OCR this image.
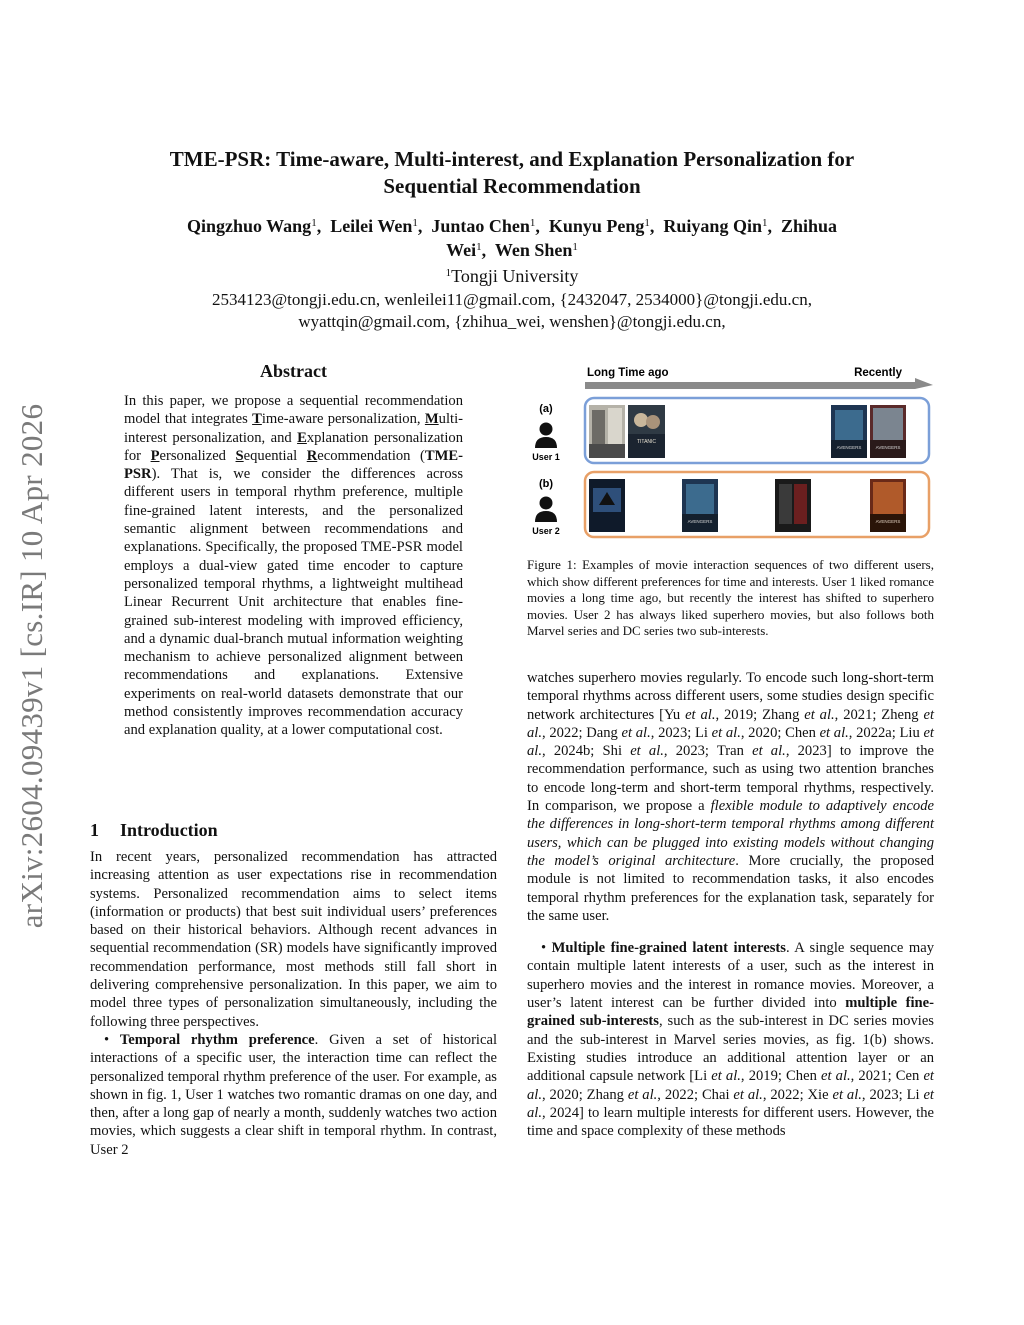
arXiv:2604.09439v1 [cs.IR] 10 Apr 2026
TME-PSR: Time-aware, Multi-interest, and Explanation Personalization for
Sequential Recommendation
Qingzhuo Wang$^1$, Leilei Wen$^1$, Juntao Chen$^1$, Kunyu Peng$^1$, Ruiyang Qin$^1$, Zhihua
Wei$^1$, Wen Shen$^1$
$^1$Tongji University
2534123@tongji.edu.cn, wenleilei11@gmail.com, {2432047, 2534000}@tongji.edu.cn,
wyattqin@gmail.com, {zhihua_wei, wenshen}@tongji.edu.cn,
Abstract
In this paper, we propose a sequential recommendation model that integrates Time-aware personalization, Multi-interest personalization, and Explanation personalization for Personalized Sequential Recommendation (TME-PSR). That is, we consider the differences across different users in temporal rhythm preference, multiple fine-grained latent interests, and the personalized semantic alignment between recommendations and explanations. Specifically, the proposed TME-PSR model employs a dual-view gated time encoder to capture personalized temporal rhythms, a lightweight multihead Linear Recurrent Unit architecture that enables fine-grained sub-interest modeling with improved efficiency, and a dynamic dual-branch mutual information weighting mechanism to achieve personalized alignment between recommendations and explanations. Extensive experiments on real-world datasets demonstrate that our method consistently improves recommendation accuracy and explanation quality, at a lower computational cost.
1 Introduction
In recent years, personalized recommendation has attracted increasing attention as user expectations rise in recommendation systems. Personalized recommendation aims to select items (information or products) that best suit individual users’ preferences based on their historical behaviors. Although recent advances in sequential recommendation (SR) models have significantly improved recommendation performance, most methods still fall short in delivering comprehensive personalization. In this paper, we aim to model three types of personalization simultaneously, including the following three perspectives.
• Temporal rhythm preference. Given a set of historical interactions of a specific user, the interaction time can reflect the personalized temporal rhythm preference of the user. For example, as shown in fig. 1, User 1 watches two romantic dramas on one day, and then, after a long gap of nearly a month, suddenly watches two action movies, which suggests a clear shift in temporal rhythm. In contrast, User 2
Long Time ago	Recently
(a)
User 1
TITANIC
AVENGERS	AVENGERS
(b)
User 2
AVENGERS	AVENGERS
Figure 1: Examples of movie interaction sequences of two different users, which show different preferences for time and interests. User 1 liked romance movies a long time ago, but recently the interest has shifted to superhero movies. User 2 has always liked superhero movies, but also follows both Marvel series and DC series two sub-interests.
watches superhero movies regularly. To encode such long-short-term temporal rhythms across different users, some studies design specific network architectures [Yu et al., 2019; Zhang et al., 2021; Zheng et al., 2022; Dang et al., 2023; Li et al., 2020; Chen et al., 2022a; Liu et al., 2024b; Shi et al., 2023; Tran et al., 2023] to improve the recommendation performance, such as using two attention branches to encode long-term and short-term temporal rhythms, respectively. In comparison, we propose a flexible module to adaptively encode the differences in long-short-term temporal rhythms among different users, which can be plugged into existing models without changing the model’s original architecture. More crucially, the proposed module is not limited to recommendation tasks, it also encodes temporal rhythm preferences for the explanation task, separately for the same user.
• Multiple fine-grained latent interests. A single sequence may contain multiple latent interests of a user, such as the interest in superhero movies and the interest in romance movies. Moreover, a user’s latent interest can be further divided into multiple fine-grained sub-interests, such as the sub-interest in DC series movies and the sub-interest in Marvel series movies, as fig. 1(b) shows. Existing studies introduce an additional attention layer or an additional capsule network [Li et al., 2019; Chen et al., 2021; Cen et al., 2020; Zhang et al., 2022; Chai et al., 2022; Xie et al., 2023; Li et al., 2024] to learn multiple interests for different users. However, the time and space complexity of these methods
